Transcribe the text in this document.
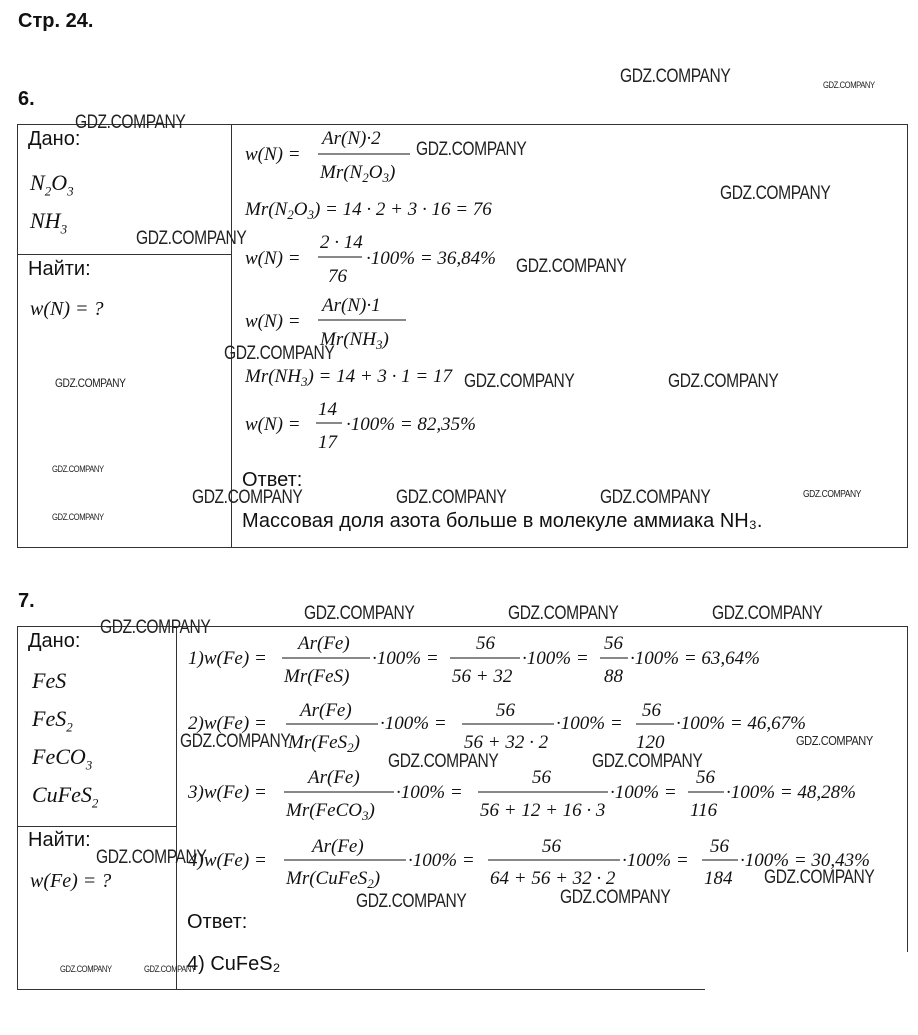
Стр. 24.
6.
Дано:
$N_2O_3$
$NH_3$
Найти:
w(N) = ?
w(N) =
Ar(N)·2
$Mr(N_2O_3)$
$Mr(N_2O_3) = 14 \cdot 2 + 3 \cdot 16 = 76$
w(N) =
2 · 14
76
·100% = 36,84%
w(N) =
Ar(N)·1
$Mr(NH_3)$
$Mr(NH_3) = 14 + 3 \cdot 1 = 17$
w(N) =
14
17
·100% = 82,35%
Ответ:
Массовая доля азота больше в молекуле аммиака NH₃.
7.
Дано:
FeS
FeS$_2$
FeCO$_3$
CuFeS$_2$
Найти:
w(Fe) = ?
1)w(Fe) =
Ar(Fe)
Mr(FeS)
·100% =
56
56 + 32
·100% =
56
88
·100% = 63,64%
2)w(Fe) =
Ar(Fe)
Mr(FeS$_2$)
·100% =
56
56 + 32 · 2
·100% =
56
120
·100% = 46,67%
3)w(Fe) =
Ar(Fe)
Mr(FeCO$_3$)
·100% =
56
56 + 12 + 16 · 3
·100% =
56
116
·100% = 48,28%
4)w(Fe) =
Ar(Fe)
Mr(CuFeS$_2$)
·100% =
56
64 + 56 + 32 · 2
·100% =
56
184
·100% = 30,43%
Ответ:
4) CuFeS₂
GDZ.COMPANY	GDZ.COMPANY
GDZ.COMPANY
GDZ.COMPANY
GDZ.COMPANY
GDZ.COMPANY
GDZ.COMPANY
GDZ.COMPANY
GDZ.COMPANY	GDZ.COMPANY	GDZ.COMPANY
GDZ.COMPANY
GDZ.COMPANY	GDZ.COMPANY	GDZ.COMPANY	GDZ.COMPANY
GDZ.COMPANY
GDZ.COMPANY	GDZ.COMPANY	GDZ.COMPANY
GDZ.COMPANY
GDZ.COMPANY	GDZ.COMPANY
GDZ.COMPANY	GDZ.COMPANY
GDZ.COMPANY
GDZ.COMPANY
GDZ.COMPANY	GDZ.COMPANY
GDZ.COMPANY	GDZ.COMPANY
